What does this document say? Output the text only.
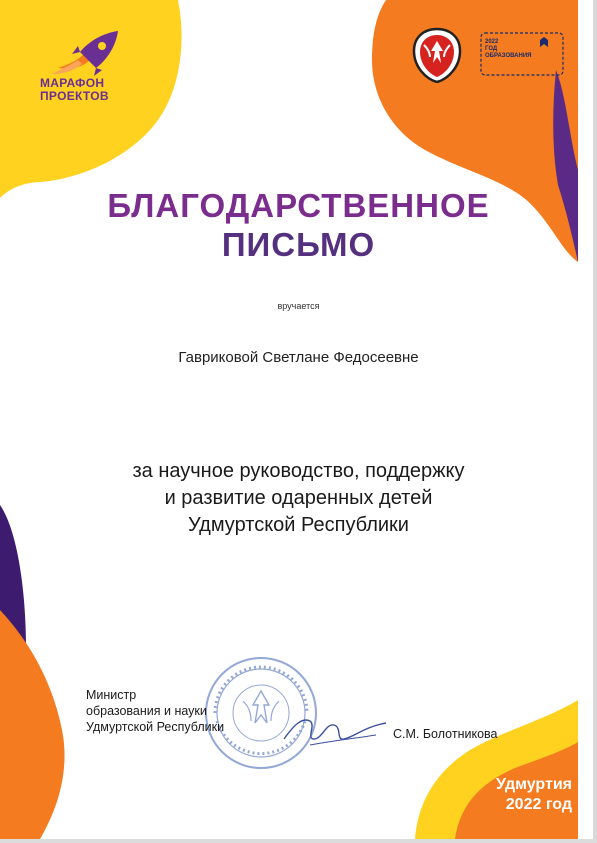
МАРАФОН
ПРОЕКТОВ
2022
ГОД
ОБРАЗОВАНИЯ
БЛАГОДАРСТВЕННОЕ
ПИСЬМО
вручается
Гавриковой Светлане Федосеевне
за научное руководство, поддержку
и развитие одаренных детей
Удмуртской Республики
Министр
образования и науки
Удмуртской Республики	С.М. Болотникова
Удмуртия
2022 год
